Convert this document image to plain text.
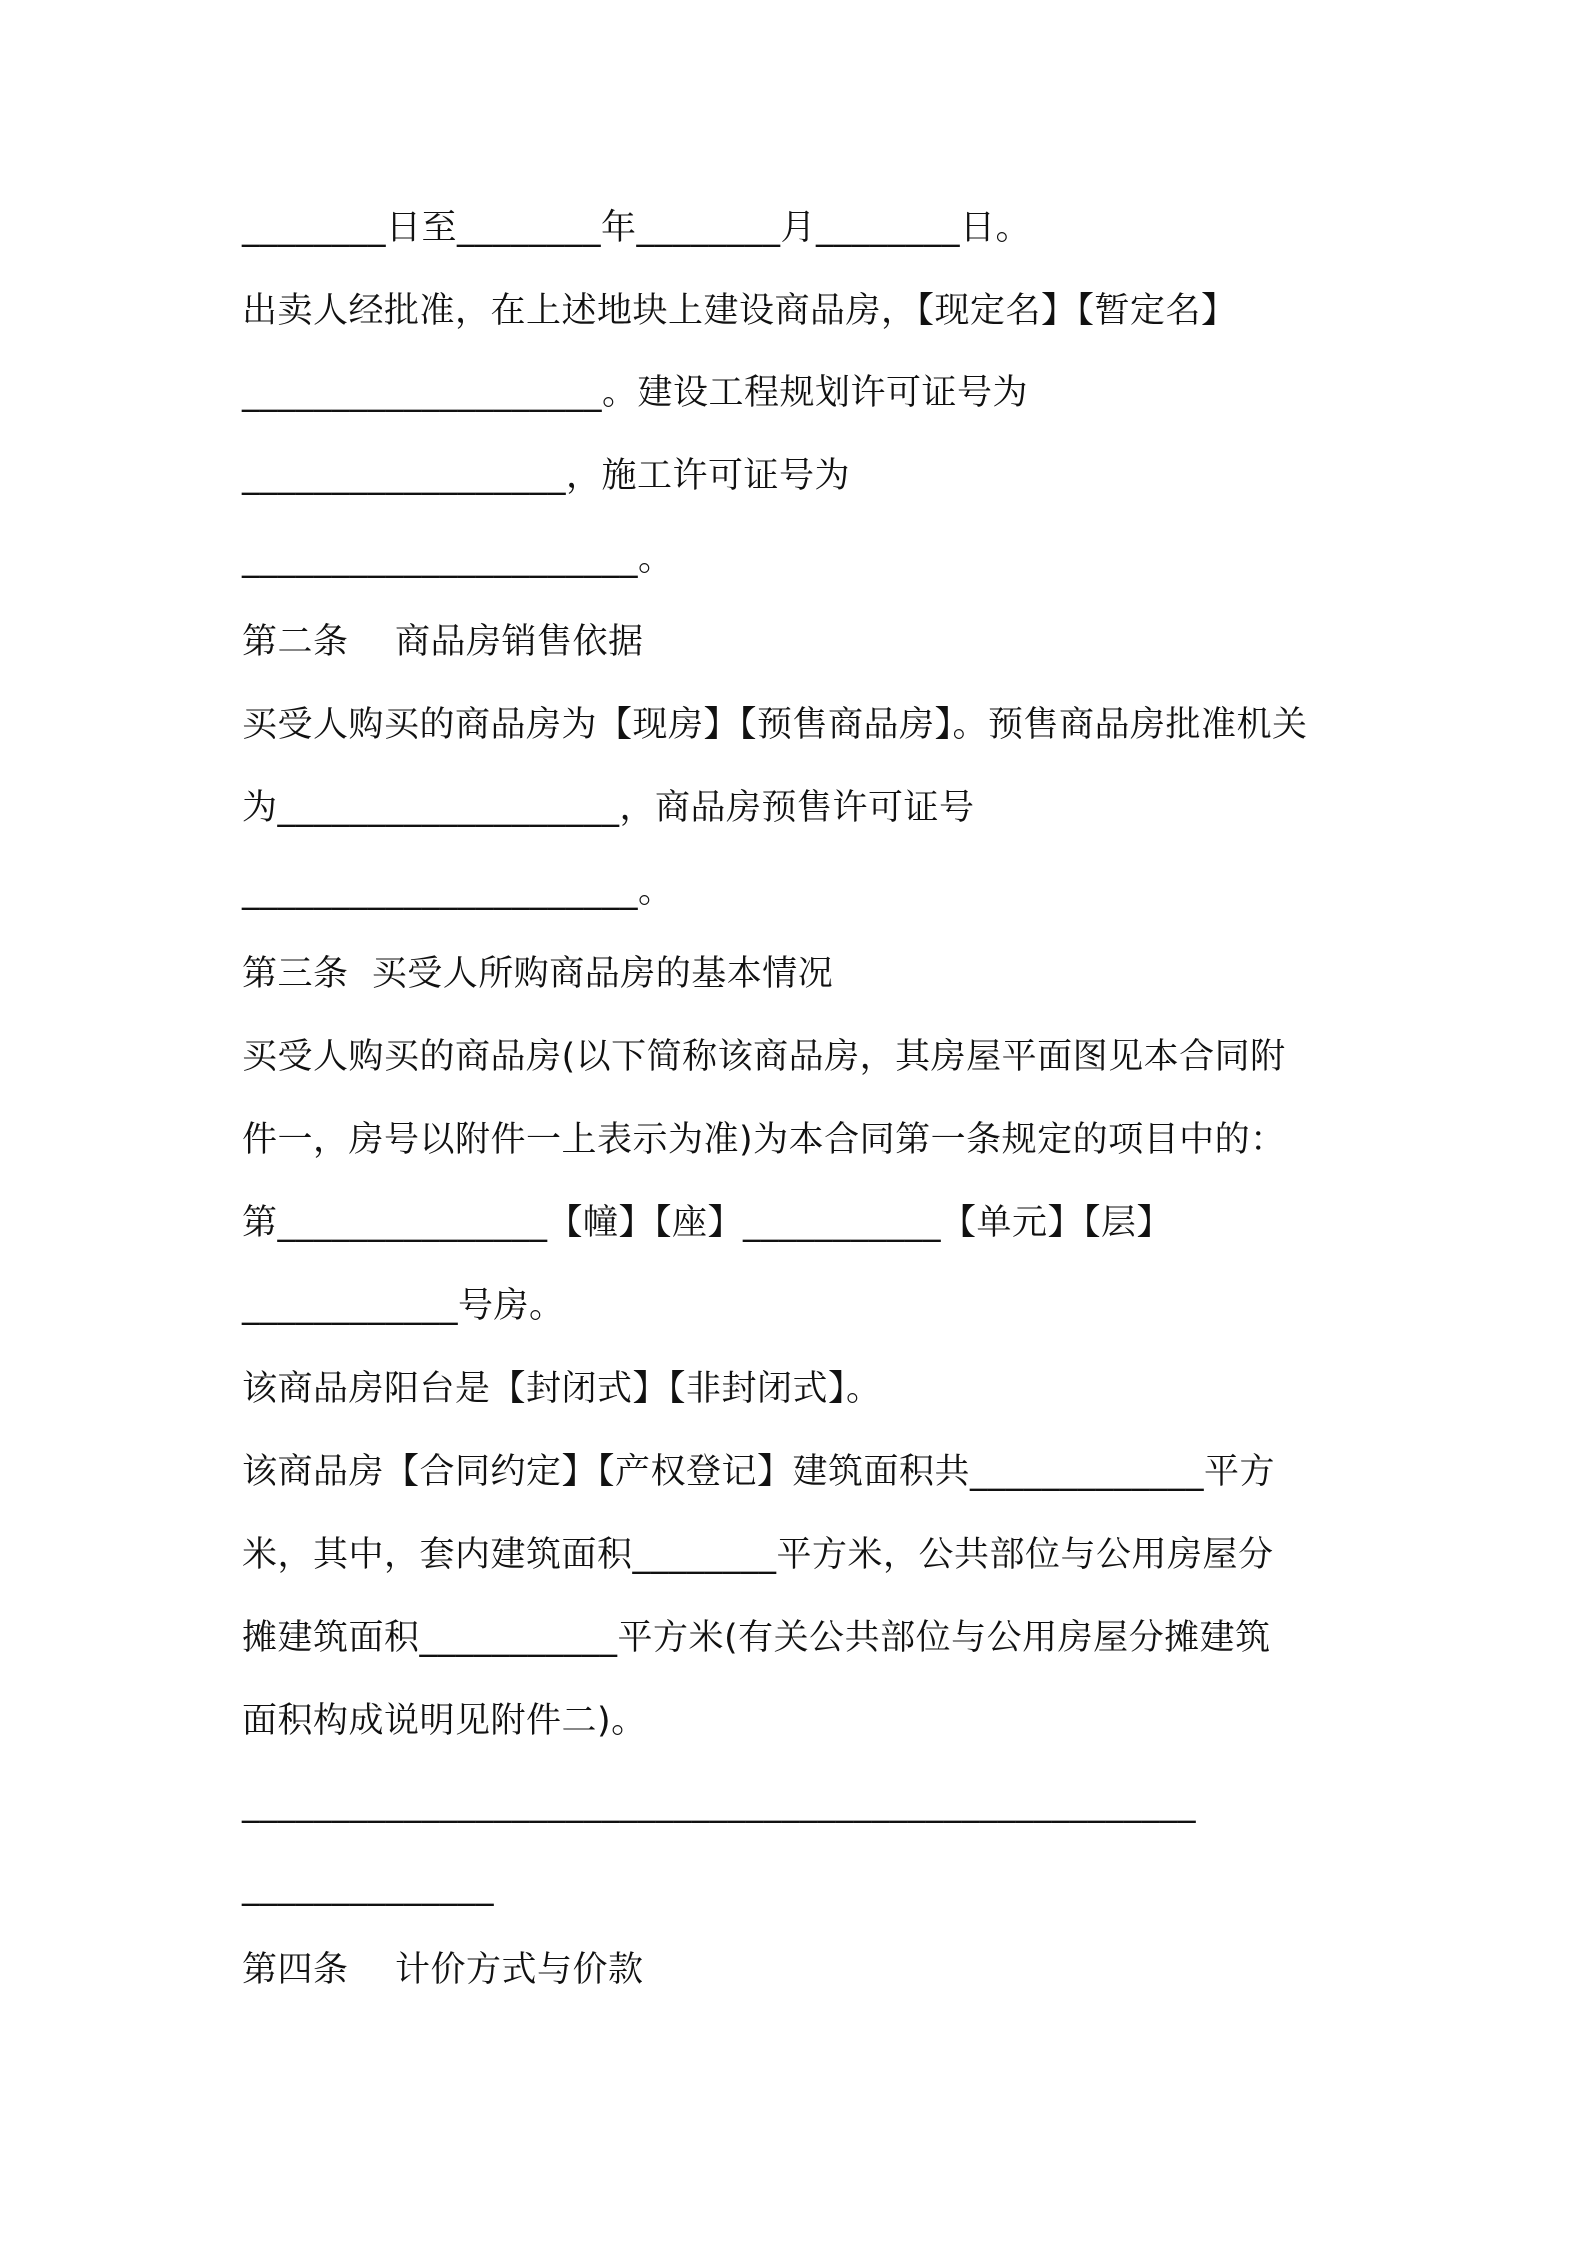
________日至________年________月________日。
出卖人经批准，在上述地块上建设商品房，【现定名】【暂定名】
____________________。建设工程规划许可证号为
__________________，施工许可证号为
______________________。
第二条    商品房销售依据
买受人购买的商品房为【现房】【预售商品房】。预售商品房批准机关
为___________________，商品房预售许可证号
______________________。
第三条  买受人所购商品房的基本情况
买受人购买的商品房(以下简称该商品房，其房屋平面图见本合同附
件一，房号以附件一上表示为准)为本合同第一条规定的项目中的：
第_______________【幢】【座】___________【单元】【层】
____________号房。
该商品房阳台是【封闭式】【非封闭式】。
该商品房【合同约定】【产权登记】建筑面积共_____________平方
米，其中，套内建筑面积________平方米，公共部位与公用房屋分
摊建筑面积___________平方米(有关公共部位与公用房屋分摊建筑
面积构成说明见附件二)。
_____________________________________________________
______________
第四条    计价方式与价款
